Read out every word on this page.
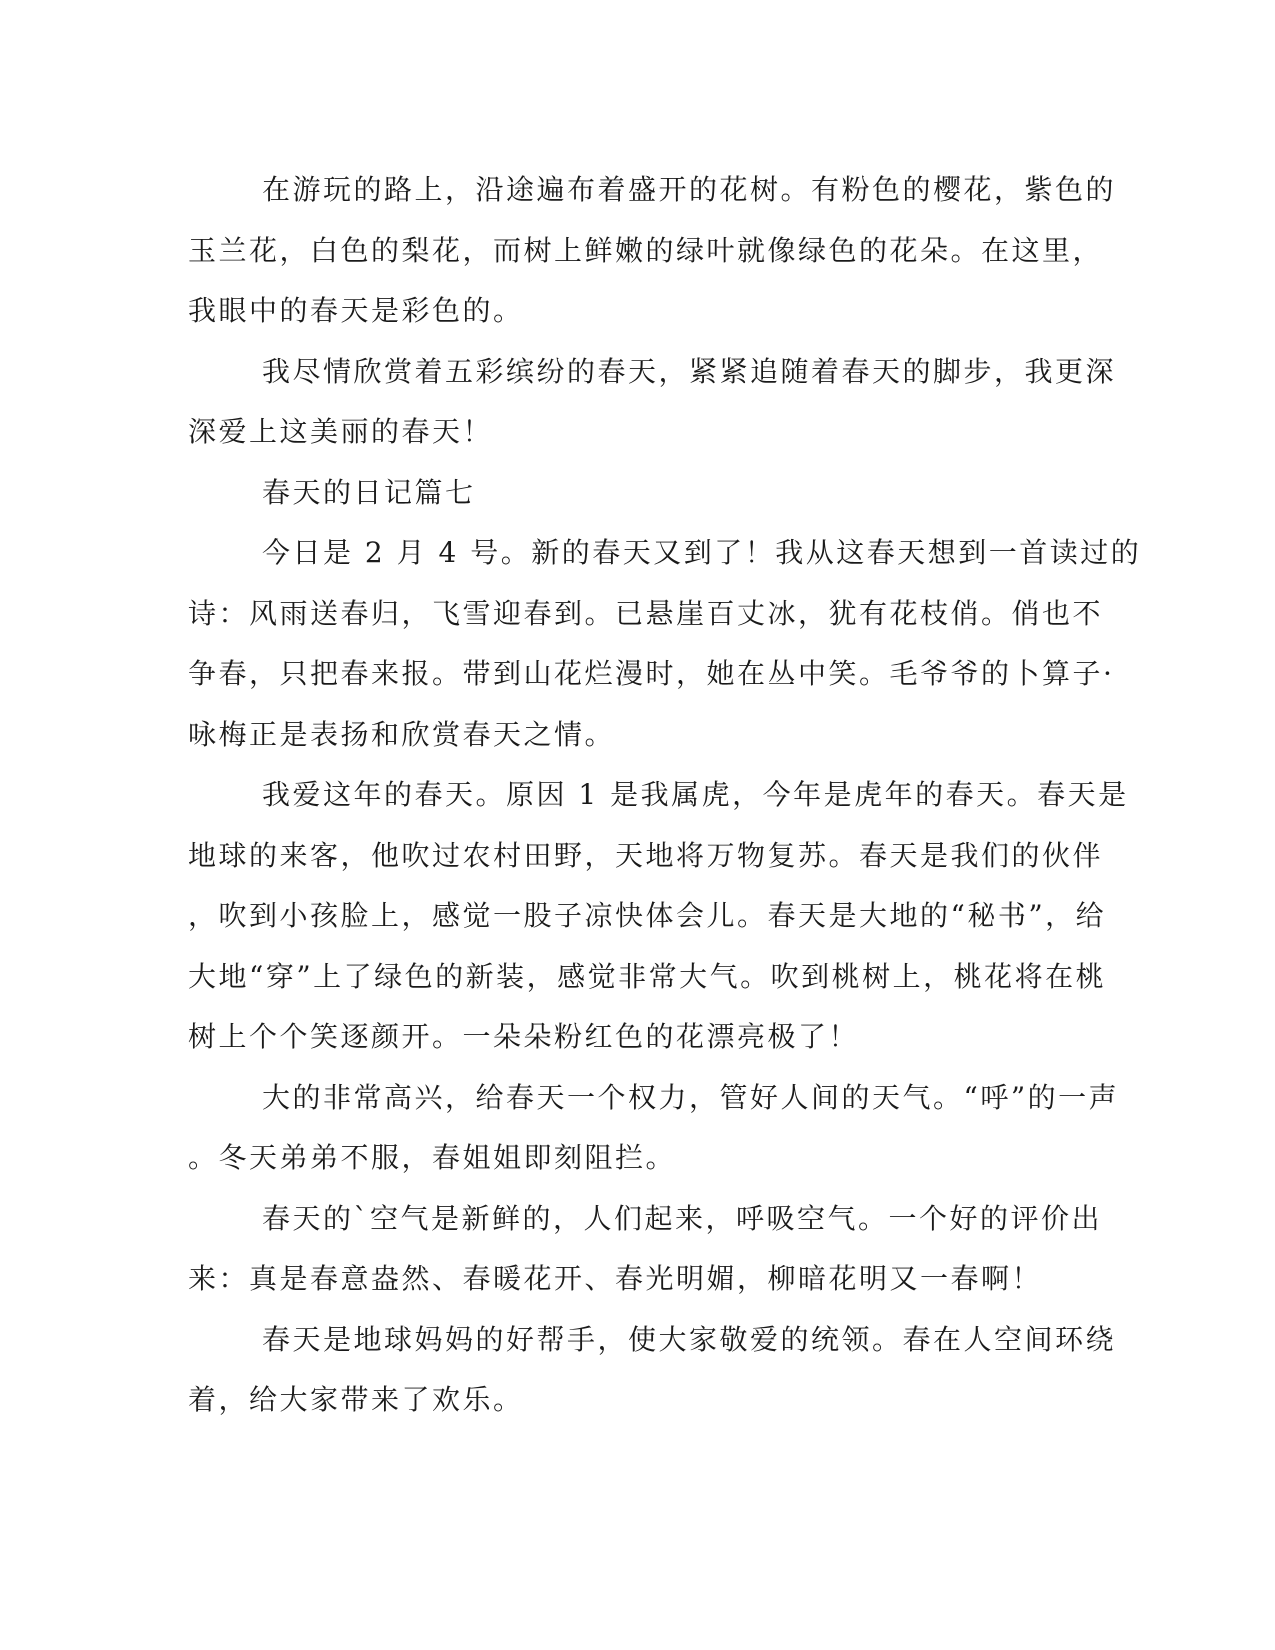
在游玩的路上，沿途遍布着盛开的花树。有粉色的樱花，紫色的
玉兰花，白色的梨花，而树上鲜嫩的绿叶就像绿色的花朵。在这里，
我眼中的春天是彩色的。
我尽情欣赏着五彩缤纷的春天，紧紧追随着春天的脚步，我更深
深爱上这美丽的春天！
春天的日记篇七
今日是 2 月 4 号。新的春天又到了！我从这春天想到一首读过的
诗：风雨送春归，飞雪迎春到。已悬崖百丈冰，犹有花枝俏。俏也不
争春，只把春来报。带到山花烂漫时，她在丛中笑。毛爷爷的卜算子·
咏梅正是表扬和欣赏春天之情。
我爱这年的春天。原因 1 是我属虎，今年是虎年的春天。春天是
地球的来客，他吹过农村田野，天地将万物复苏。春天是我们的伙伴
，吹到小孩脸上，感觉一股子凉快体会儿。春天是大地的“秘书”，给
大地“穿”上了绿色的新装，感觉非常大气。吹到桃树上，桃花将在桃
树上个个笑逐颜开。一朵朵粉红色的花漂亮极了！
大的非常高兴，给春天一个权力，管好人间的天气。“呼”的一声
。冬天弟弟不服，春姐姐即刻阻拦。
春天的`空气是新鲜的，人们起来，呼吸空气。一个好的评价出
来：真是春意盎然、春暖花开、春光明媚，柳暗花明又一春啊！
春天是地球妈妈的好帮手，使大家敬爱的统领。春在人空间环绕
着，给大家带来了欢乐。
